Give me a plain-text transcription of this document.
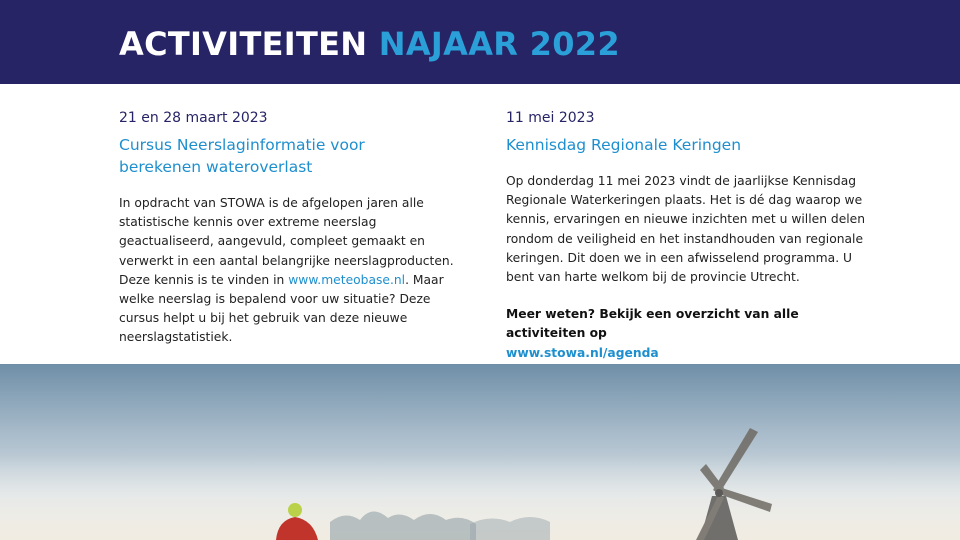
ACTIVITEITEN NAJAAR 2022
21 en 28 maart 2023
Cursus Neerslaginformatie voor
berekenen wateroverlast

In opdracht van STOWA is de afgelopen jaren alle statistische kennis over extreme neerslag geactualiseerd, aangevuld, compleet gemaakt en verwerkt in een aantal belangrijke neerslagproducten. Deze kennis is te vinden in www.meteobase.nl. Maar welke neerslag is bepalend voor uw situatie? Deze cursus helpt u bij het gebruik van deze nieuwe neerslagstatistiek.

11 mei 2023
Kennisdag Regionale Keringen

Op donderdag 11 mei 2023 vindt de jaarlijkse Kennisdag Regionale Waterkeringen plaats. Het is dé dag waarop we kennis, ervaringen en nieuwe inzichten met u willen delen rondom de veiligheid en het instandhouden van regionale keringen. Dit doen we in een afwisselend programma. U bent van harte welkom bij de provincie Utrecht.

Meer weten? Bekijk een overzicht van alle activiteiten op
www.stowa.nl/agenda
